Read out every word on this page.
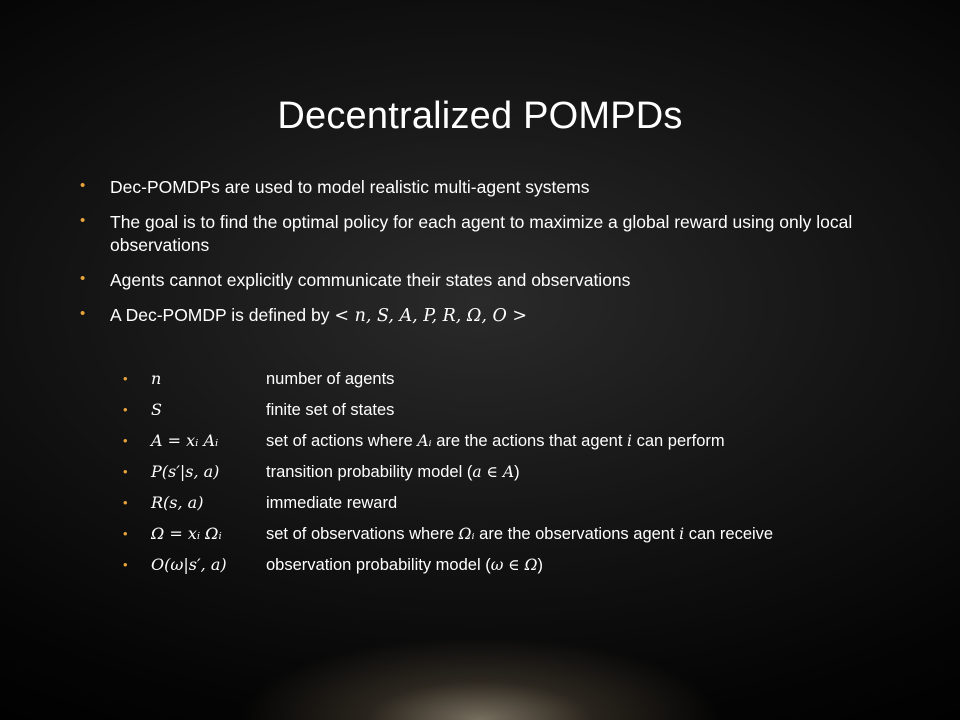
Decentralized POMPDs
• Dec-POMDPs are used to model realistic multi-agent systems
• The goal is to find the optimal policy for each agent to maximize a global reward using only local observations
• Agents cannot explicitly communicate their states and observations
• A Dec-POMDP is defined by < n, S, A, P, R, Ω, O >
• n	number of agents
• S	finite set of states
• A = xᵢ Aᵢ	set of actions where Aᵢ are the actions that agent i can perform
• P(s′|s, a)	transition probability model (a ∈ A)
• R(s, a)	immediate reward
• Ω = xᵢ Ωᵢ	set of observations where Ωᵢ are the observations agent i can receive
• O(ω|s′, a) observation probability model (ω ∈ Ω)
